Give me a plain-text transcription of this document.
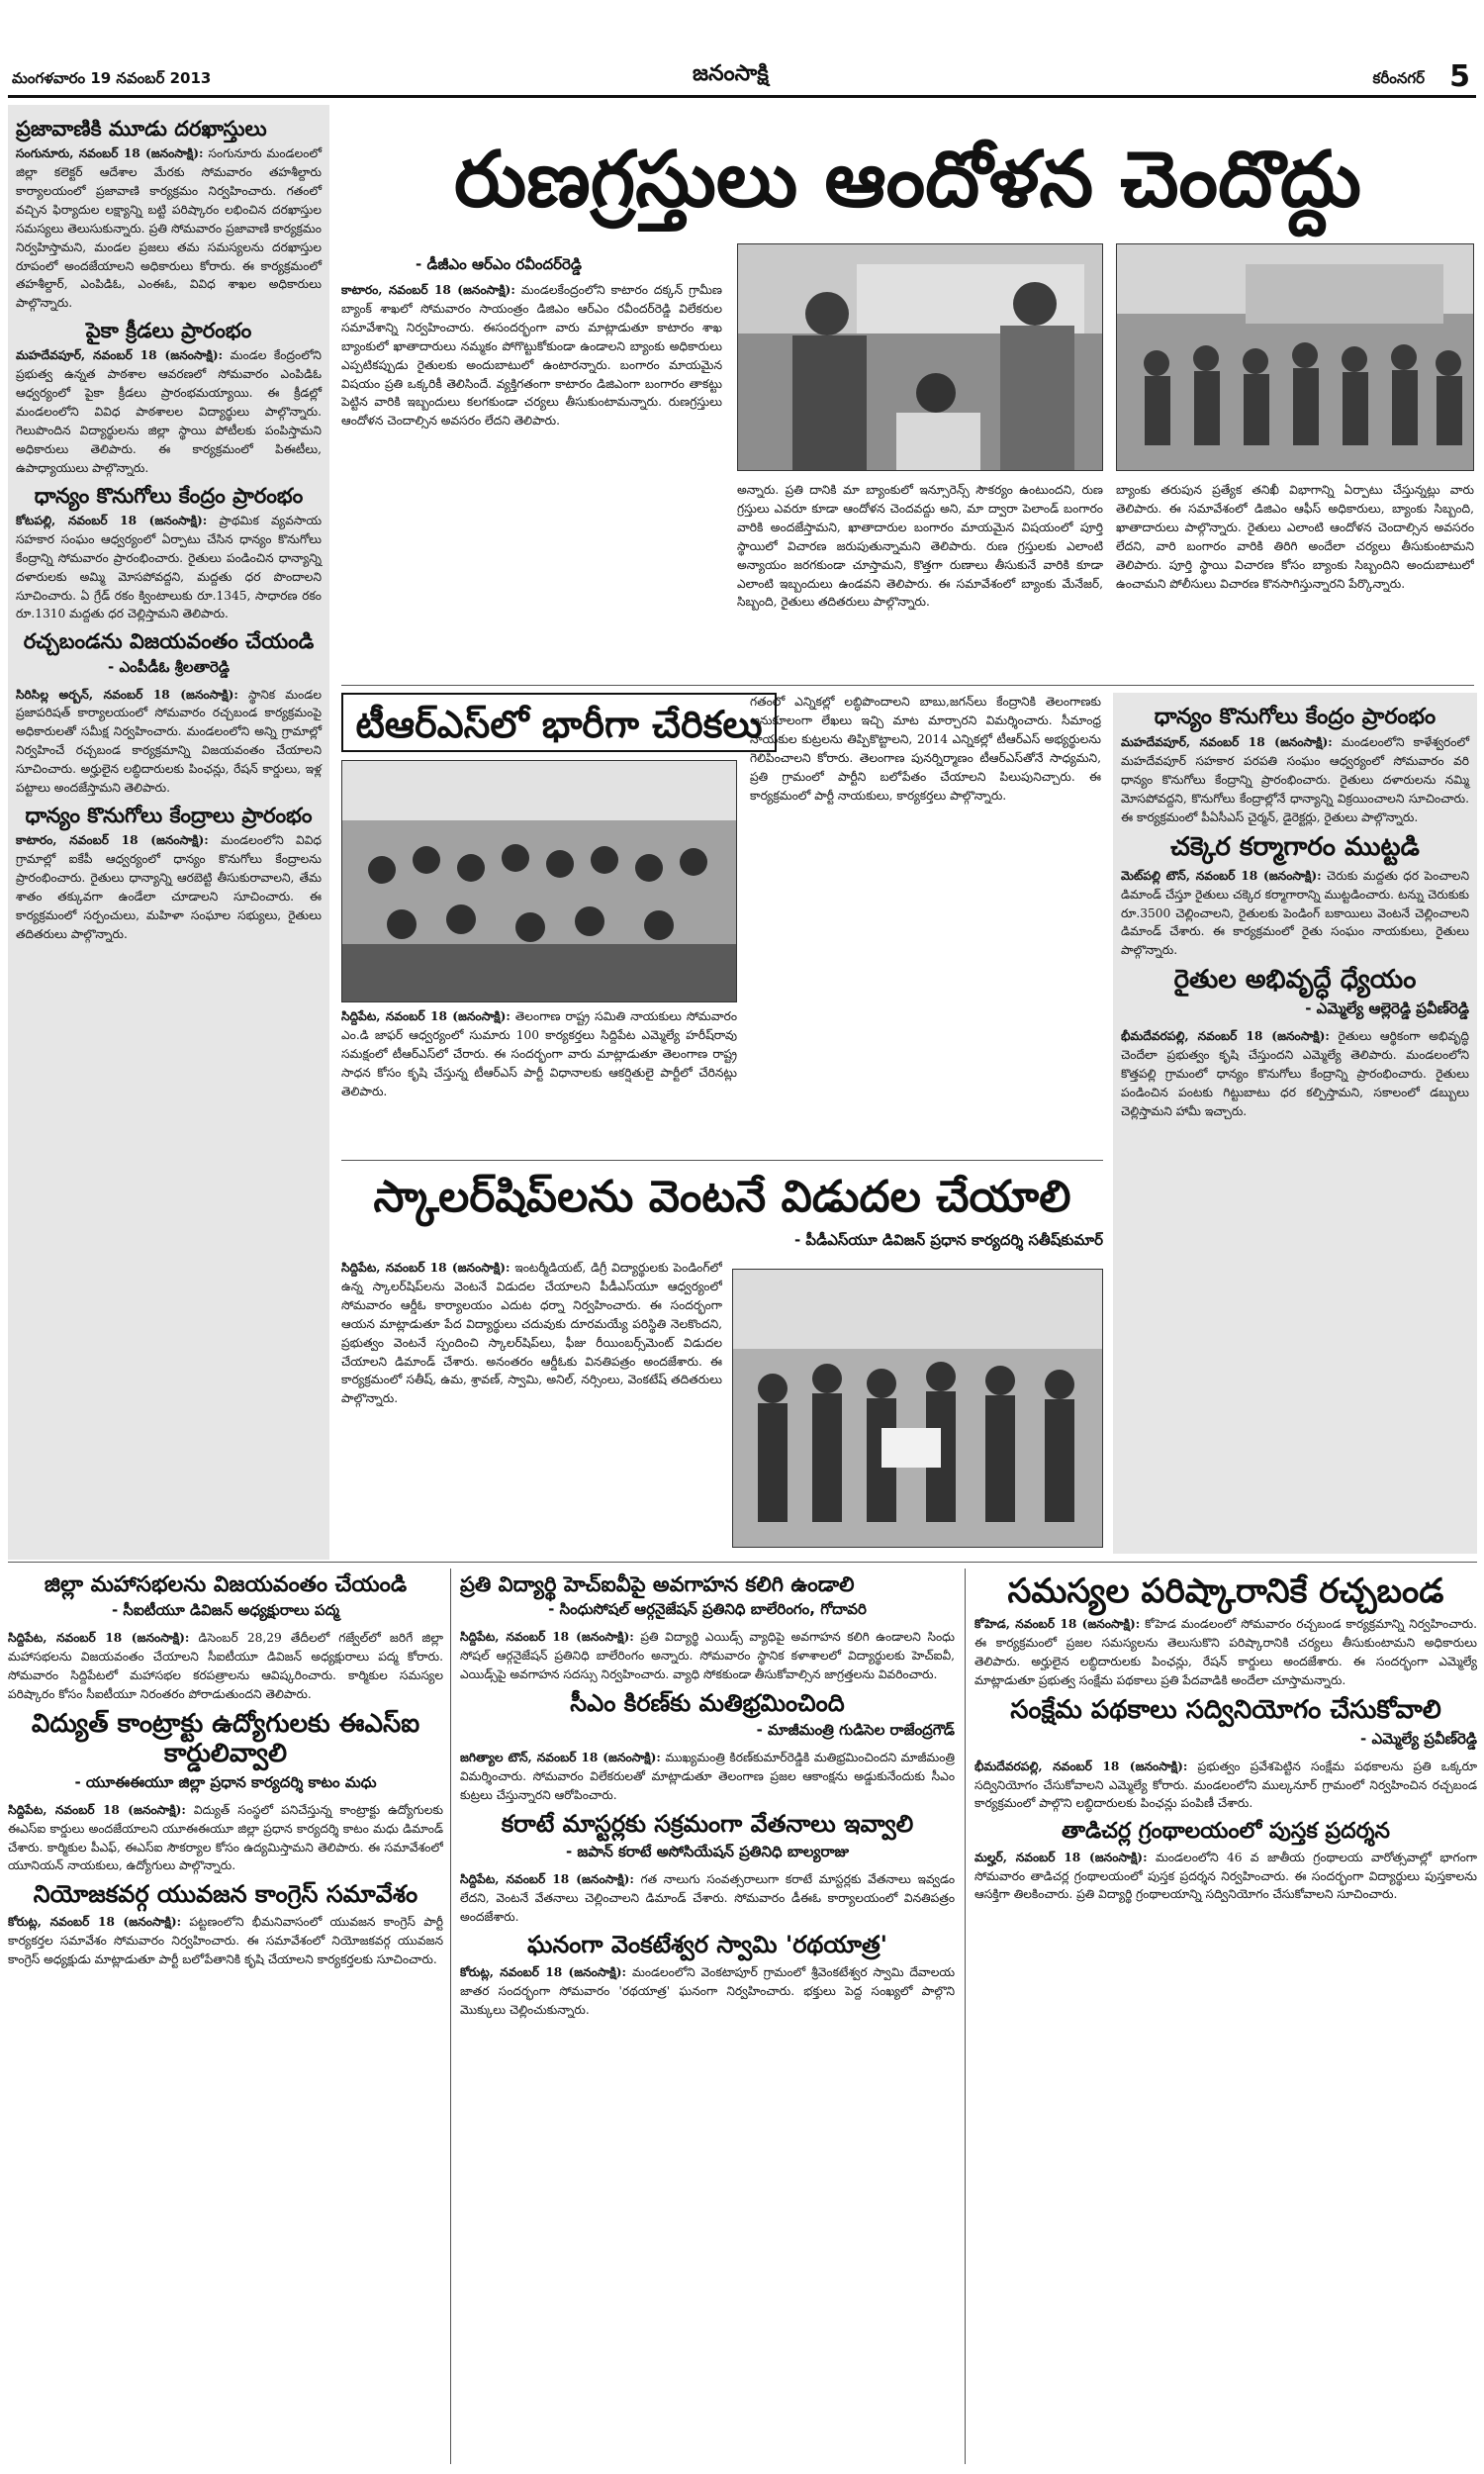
మంగళవారం 19 నవంబర్ 2013	జనంసాక్షి	కరీంనగర్ 5
ప్రజావాణికి మూడు దరఖాస్తులు

సంగునూరు, నవంబర్ 18 (జనంసాక్షి): సంగునూరు మండలంలో జిల్లా కలెక్టర్ ఆదేశాల మేరకు సోమవారం తహశీల్దారు కార్యాలయంలో ప్రజావాణి కార్యక్రమం నిర్వహించారు. గతంలో వచ్చిన ఫిర్యాదుల లక్ష్యాన్ని బట్టి పరిష్కారం లభించిన దరఖాస్తుల సమస్యలు తెలుసుకున్నారు. ప్రతి సోమవారం ప్రజావాణి కార్యక్రమం నిర్వహిస్తామని, మండల ప్రజలు తమ సమస్యలను దరఖాస్తుల రూపంలో అందజేయాలని అధికారులు కోరారు. ఈ కార్యక్రమంలో తహశీల్దార్, ఎంపిడిఓ, ఎంఈఓ, వివిధ శాఖల అధికారులు పాల్గొన్నారు.

పైకా క్రీడలు ప్రారంభం

మహదేవపూర్, నవంబర్ 18 (జనంసాక్షి): మండల కేంద్రంలోని ప్రభుత్వ ఉన్నత పాఠశాల ఆవరణలో సోమవారం ఎంపిడిఓ ఆధ్వర్యంలో పైకా క్రీడలు ప్రారంభమయ్యాయి. ఈ క్రీడల్లో మండలంలోని వివిధ పాఠశాలల విద్యార్థులు పాల్గొన్నారు. గెలుపొందిన విద్యార్థులను జిల్లా స్థాయి పోటీలకు పంపిస్తామని అధికారులు తెలిపారు. ఈ కార్యక్రమంలో పిఈటీలు, ఉపాధ్యాయులు పాల్గొన్నారు.

ధాన్యం కొనుగోలు కేంద్రం ప్రారంభం

కోటపల్లి, నవంబర్ 18 (జనంసాక్షి): ప్రాథమిక వ్యవసాయ సహకార సంఘం ఆధ్వర్యంలో ఏర్పాటు చేసిన ధాన్యం కొనుగోలు కేంద్రాన్ని సోమవారం ప్రారంభించారు. రైతులు పండించిన ధాన్యాన్ని దళారులకు అమ్మి మోసపోవద్దని, మద్దతు ధర పొందాలని సూచించారు. ఏ గ్రేడ్ రకం క్వింటాలుకు రూ.1345, సాధారణ రకం రూ.1310 మద్దతు ధర చెల్లిస్తామని తెలిపారు.

రచ్చబండను విజయవంతం చేయండి
- ఎంపీడీఓ శ్రీలతారెడ్డి

సిరిసిల్ల అర్బన్, నవంబర్ 18 (జనంసాక్షి): స్థానిక మండల ప్రజాపరిషత్ కార్యాలయంలో సోమవారం రచ్చబండ కార్యక్రమంపై అధికారులతో సమీక్ష నిర్వహించారు. మండలంలోని అన్ని గ్రామాల్లో నిర్వహించే రచ్చబండ కార్యక్రమాన్ని విజయవంతం చేయాలని సూచించారు. అర్హులైన లబ్ధిదారులకు పింఛన్లు, రేషన్ కార్డులు, ఇళ్ల పట్టాలు అందజేస్తామని తెలిపారు.

ధాన్యం కొనుగోలు కేంద్రాలు ప్రారంభం

కాటారం, నవంబర్ 18 (జనంసాక్షి): మండలంలోని వివిధ గ్రామాల్లో ఐకేపీ ఆధ్వర్యంలో ధాన్యం కొనుగోలు కేంద్రాలను ప్రారంభించారు. రైతులు ధాన్యాన్ని ఆరబెట్టి తీసుకురావాలని, తేమ శాతం తక్కువగా ఉండేలా చూడాలని సూచించారు. ఈ కార్యక్రమంలో సర్పంచులు, మహిళా సంఘాల సభ్యులు, రైతులు తదితరులు పాల్గొన్నారు.

రుణగ్రస్తులు ఆందోళన చెందొద్దు
- డీజీఎం ఆర్ఎం రవీందర్‌రెడ్డి

కాటారం, నవంబర్ 18 (జనంసాక్షి): మండలకేంద్రంలోని కాటారం దక్కన్ గ్రామీణ బ్యాంక్ శాఖలో సోమవారం సాయంత్రం డిజిఎం ఆర్ఎం రవీందర్‌రెడ్డి విలేకరుల సమావేశాన్ని నిర్వహించారు. ఈసందర్భంగా వారు మాట్లాడుతూ కాటారం శాఖ బ్యాంకులో ఖాతాదారులు నమ్మకం పోగొట్టుకోకుండా ఉండాలని బ్యాంకు అధికారులు ఎప్పటికప్పుడు రైతులకు అందుబాటులో ఉంటారన్నారు. బంగారం మాయమైన విషయం ప్రతి ఒక్కరికీ తెలిసిందే. వ్యక్తిగతంగా కాటారం డిజిఎంగా బంగారం తాకట్టు పెట్టిన వారికి ఇబ్బందులు కలగకుండా చర్యలు తీసుకుంటామన్నారు. రుణగ్రస్తులు ఆందోళన చెందాల్సిన అవసరం లేదని తెలిపారు.

అన్నారు. ప్రతి దానికి మా బ్యాంకులో ఇన్సూరెన్స్ సౌకర్యం ఉంటుందని, రుణ గ్రస్తులు ఎవరూ కూడా ఆందోళన చెందవద్దు అని, మా ద్వారా పెలాండ్ బంగారం వారికి అందజేస్తామని, ఖాతాదారుల బంగారం మాయమైన విషయంలో పూర్తి స్థాయిలో విచారణ జరుపుతున్నామని తెలిపారు. రుణ గ్రస్తులకు ఎలాంటి అన్యాయం జరగకుండా చూస్తామని, కొత్తగా రుణాలు తీసుకునే వారికి కూడా ఎలాంటి ఇబ్బందులు ఉండవని తెలిపారు. ఈ సమావేశంలో బ్యాంకు మేనేజర్, సిబ్బంది, రైతులు తదితరులు పాల్గొన్నారు.

బ్యాంకు తరుపున ప్రత్యేక తనిఖీ విభాగాన్ని ఏర్పాటు చేస్తున్నట్లు వారు తెలిపారు. ఈ సమావేశంలో డిజిఎం ఆఫీస్ అధికారులు, బ్యాంకు సిబ్బంది, ఖాతాదారులు పాల్గొన్నారు. రైతులు ఎలాంటి ఆందోళన చెందాల్సిన అవసరం లేదని, వారి బంగారం వారికి తిరిగి అందేలా చర్యలు తీసుకుంటామని తెలిపారు. పూర్తి స్థాయి విచారణ కోసం బ్యాంకు సిబ్బందిని అందుబాటులో ఉంచామని పోలీసులు విచారణ కొనసాగిస్తున్నారని పేర్కొన్నారు.

టీఆర్ఎస్‌లో భారీగా చేరికలు

సిద్దిపేట, నవంబర్ 18 (జనంసాక్షి): తెలంగాణ రాష్ట్ర సమితి నాయకులు సోమవారం ఎం.డి జాఫర్ ఆధ్వర్యంలో సుమారు 100 కార్యకర్తలు సిద్దిపేట ఎమ్మెల్యే హరీష్‌రావు సమక్షంలో టీఆర్ఎస్‌లో చేరారు. ఈ సందర్భంగా వారు మాట్లాడుతూ తెలంగాణ రాష్ట్ర సాధన కోసం కృషి చేస్తున్న టీఆర్ఎస్ పార్టీ విధానాలకు ఆకర్షితులై పార్టీలో చేరినట్లు తెలిపారు.

గతంలో ఎన్నికల్లో లబ్ధిపొందాలని బాబు,జగన్‌లు కేంద్రానికి తెలంగాణకు అనుకూలంగా లేఖలు ఇచ్చి మాట మార్చారని విమర్శించారు. సీమాంధ్ర నాయకుల కుట్రలను తిప్పికొట్టాలని, 2014 ఎన్నికల్లో టీఆర్ఎస్ అభ్యర్థులను గెలిపించాలని కోరారు. తెలంగాణ పునర్నిర్మాణం టీఆర్ఎస్‌తోనే సాధ్యమని, ప్రతి గ్రామంలో పార్టీని బలోపేతం చేయాలని పిలుపునిచ్చారు. ఈ కార్యక్రమంలో పార్టీ నాయకులు, కార్యకర్తలు పాల్గొన్నారు.

ధాన్యం కొనుగోలు కేంద్రం ప్రారంభం

మహదేవపూర్, నవంబర్ 18 (జనంసాక్షి): మండలంలోని కాళేశ్వరంలో మహదేవపూర్ సహకార పరపతి సంఘం ఆధ్వర్యంలో సోమవారం వరి ధాన్యం కొనుగోలు కేంద్రాన్ని ప్రారంభించారు. రైతులు దళారులను నమ్మి మోసపోవద్దని, కొనుగోలు కేంద్రాల్లోనే ధాన్యాన్ని విక్రయించాలని సూచించారు. ఈ కార్యక్రమంలో పీఏసీఎస్ చైర్మన్, డైరెక్టర్లు, రైతులు పాల్గొన్నారు.

చక్కెర కర్మాగారం ముట్టడి

మెట్‌పల్లి టౌన్, నవంబర్ 18 (జనంసాక్షి): చెరుకు మద్దతు ధర పెంచాలని డిమాండ్ చేస్తూ రైతులు చక్కెర కర్మాగారాన్ని ముట్టడించారు. టన్ను చెరుకుకు రూ.3500 చెల్లించాలని, రైతులకు పెండింగ్ బకాయిలు వెంటనే చెల్లించాలని డిమాండ్ చేశారు. ఈ కార్యక్రమంలో రైతు సంఘం నాయకులు, రైతులు పాల్గొన్నారు.

రైతుల అభివృద్ధే ధ్యేయం
- ఎమ్మెల్యే ఆల్లెరెడ్డి ప్రవీణ్‌రెడ్డి

భీమదేవరపల్లి, నవంబర్ 18 (జనంసాక్షి): రైతులు ఆర్థికంగా అభివృద్ధి చెందేలా ప్రభుత్వం కృషి చేస్తుందని ఎమ్మెల్యే తెలిపారు. మండలంలోని కొత్తపల్లి గ్రామంలో ధాన్యం కొనుగోలు కేంద్రాన్ని ప్రారంభించారు. రైతులు పండించిన పంటకు గిట్టుబాటు ధర కల్పిస్తామని, సకాలంలో డబ్బులు చెల్లిస్తామని హామీ ఇచ్చారు.

స్కాలర్‌షిప్‌లను వెంటనే విడుదల చేయాలి
- పీడీఎస్‌యూ డివిజన్ ప్రధాన కార్యదర్శి సతీష్‌కుమార్

సిద్దిపేట, నవంబర్ 18 (జనంసాక్షి): ఇంటర్మీడియట్, డిగ్రీ విద్యార్థులకు పెండింగ్‌లో ఉన్న స్కాలర్‌షిప్‌లను వెంటనే విడుదల చేయాలని పీడీఎస్‌యూ ఆధ్వర్యంలో సోమవారం ఆర్డీఓ కార్యాలయం ఎదుట ధర్నా నిర్వహించారు. ఈ సందర్భంగా ఆయన మాట్లాడుతూ పేద విద్యార్థులు చదువుకు దూరమయ్యే పరిస్థితి నెలకొందని, ప్రభుత్వం వెంటనే స్పందించి స్కాలర్‌షిప్‌లు, ఫీజు రీయింబర్స్‌మెంట్ విడుదల చేయాలని డిమాండ్ చేశారు. అనంతరం ఆర్డీఓకు వినతిపత్రం అందజేశారు. ఈ కార్యక్రమంలో సతీష్, ఉమ, శ్రావణ్, స్వామి, అనిల్, నర్సింలు, వెంకటేష్ తదితరులు పాల్గొన్నారు.

జిల్లా మహాసభలను విజయవంతం చేయండి
- సీఐటీయూ డివిజన్ అధ్యక్షురాలు పద్మ

సిద్దిపేట, నవంబర్ 18 (జనంసాక్షి): డిసెంబర్ 28,29 తేదీలలో గజ్వేల్‌లో జరిగే జిల్లా మహాసభలను విజయవంతం చేయాలని సీఐటీయూ డివిజన్ అధ్యక్షురాలు పద్మ కోరారు. సోమవారం సిద్దిపేటలో మహాసభల కరపత్రాలను ఆవిష్కరించారు. కార్మికుల సమస్యల పరిష్కారం కోసం సీఐటీయూ నిరంతరం పోరాడుతుందని తెలిపారు.

విద్యుత్ కాంట్రాక్టు ఉద్యోగులకు ఈఎస్ఐ కార్డులివ్వాలి
- యూఈఈయూ జిల్లా ప్రధాన కార్యదర్శి కాటం మధు

సిద్దిపేట, నవంబర్ 18 (జనంసాక్షి): విద్యుత్ సంస్థలో పనిచేస్తున్న కాంట్రాక్టు ఉద్యోగులకు ఈఎస్ఐ కార్డులు అందజేయాలని యూఈఈయూ జిల్లా ప్రధాన కార్యదర్శి కాటం మధు డిమాండ్ చేశారు. కార్మికుల పీఎఫ్, ఈఎస్ఐ సౌకర్యాల కోసం ఉద్యమిస్తామని తెలిపారు. ఈ సమావేశంలో యూనియన్ నాయకులు, ఉద్యోగులు పాల్గొన్నారు.

నియోజకవర్గ యువజన కాంగ్రెస్ సమావేశం

కోరుట్ల, నవంబర్ 18 (జనంసాక్షి): పట్టణంలోని భీమనివాసంలో యువజన కాంగ్రెస్ పార్టీ కార్యకర్తల సమావేశం సోమవారం నిర్వహించారు. ఈ సమావేశంలో నియోజకవర్గ యువజన కాంగ్రెస్ అధ్యక్షుడు మాట్లాడుతూ పార్టీ బలోపేతానికి కృషి చేయాలని కార్యకర్తలకు సూచించారు.

ప్రతి విద్యార్థి హెచ్ఐవీపై అవగాహన కలిగి ఉండాలి
- సింధుసోషల్ ఆర్గనైజేషన్ ప్రతినిధి బాలేరింగం, గోదావరి

సిద్దిపేట, నవంబర్ 18 (జనంసాక్షి): ప్రతి విద్యార్థి ఎయిడ్స్ వ్యాధిపై అవగాహన కలిగి ఉండాలని సింధు సోషల్ ఆర్గనైజేషన్ ప్రతినిధి బాలేరింగం అన్నారు. సోమవారం స్థానిక కళాశాలలో విద్యార్థులకు హెచ్ఐవీ, ఎయిడ్స్‌పై అవగాహన సదస్సు నిర్వహించారు. వ్యాధి సోకకుండా తీసుకోవాల్సిన జాగ్రత్తలను వివరించారు.

సీఎం కిరణ్‌కు మతిభ్రమించింది
- మాజీమంత్రి గుడిసెల రాజేంద్రగౌడ్

జగిత్యాల టౌన్, నవంబర్ 18 (జనంసాక్షి): ముఖ్యమంత్రి కిరణ్‌కుమార్‌రెడ్డికి మతిభ్రమించిందని మాజీమంత్రి విమర్శించారు. సోమవారం విలేకరులతో మాట్లాడుతూ తెలంగాణ ప్రజల ఆకాంక్షను అడ్డుకునేందుకు సీఎం కుట్రలు చేస్తున్నారని ఆరోపించారు.

కరాటే మాస్టర్లకు సక్రమంగా వేతనాలు ఇవ్వాలి
- జపాన్ కరాటే అసోసియేషన్ ప్రతినిధి బాల్యరాజు

సిద్దిపేట, నవంబర్ 18 (జనంసాక్షి): గత నాలుగు సంవత్సరాలుగా కరాటే మాస్టర్లకు వేతనాలు ఇవ్వడం లేదని, వెంటనే వేతనాలు చెల్లించాలని డిమాండ్ చేశారు. సోమవారం డీఈఓ కార్యాలయంలో వినతిపత్రం అందజేశారు.

ఘనంగా వెంకటేశ్వర స్వామి 'రథయాత్ర'

కోరుట్ల, నవంబర్ 18 (జనంసాక్షి): మండలంలోని వెంకటాపూర్ గ్రామంలో శ్రీవెంకటేశ్వర స్వామి దేవాలయ జాతర సందర్భంగా సోమవారం 'రథయాత్ర' ఘనంగా నిర్వహించారు. భక్తులు పెద్ద సంఖ్యలో పాల్గొని మొక్కులు చెల్లించుకున్నారు.

సమస్యల పరిష్కారానికే రచ్చబండ

కోహెడ, నవంబర్ 18 (జనంసాక్షి): కోహెడ మండలంలో సోమవారం రచ్చబండ కార్యక్రమాన్ని నిర్వహించారు. ఈ కార్యక్రమంలో ప్రజల సమస్యలను తెలుసుకొని పరిష్కారానికి చర్యలు తీసుకుంటామని అధికారులు తెలిపారు. అర్హులైన లబ్ధిదారులకు పింఛన్లు, రేషన్ కార్డులు అందజేశారు. ఈ సందర్భంగా ఎమ్మెల్యే మాట్లాడుతూ ప్రభుత్వ సంక్షేమ పథకాలు ప్రతి పేదవాడికి అందేలా చూస్తామన్నారు.

సంక్షేమ పథకాలు సద్వినియోగం చేసుకోవాలి
- ఎమ్మెల్యే ప్రవీణ్‌రెడ్డి

భీమదేవరపల్లి, నవంబర్ 18 (జనంసాక్షి): ప్రభుత్వం ప్రవేశపెట్టిన సంక్షేమ పథకాలను ప్రతి ఒక్కరూ సద్వినియోగం చేసుకోవాలని ఎమ్మెల్యే కోరారు. మండలంలోని ముల్కనూర్ గ్రామంలో నిర్వహించిన రచ్చబండ కార్యక్రమంలో పాల్గొని లబ్ధిదారులకు పింఛన్లు పంపిణీ చేశారు.

తాడిచర్ల గ్రంథాలయంలో పుస్తక ప్రదర్శన

మల్హర్, నవంబర్ 18 (జనంసాక్షి): మండలంలోని 46 వ జాతీయ గ్రంథాలయ వారోత్సవాల్లో భాగంగా సోమవారం తాడిచర్ల గ్రంథాలయంలో పుస్తక ప్రదర్శన నిర్వహించారు. ఈ సందర్భంగా విద్యార్థులు పుస్తకాలను ఆసక్తిగా తిలకించారు. ప్రతి విద్యార్థి గ్రంథాలయాన్ని సద్వినియోగం చేసుకోవాలని సూచించారు.
